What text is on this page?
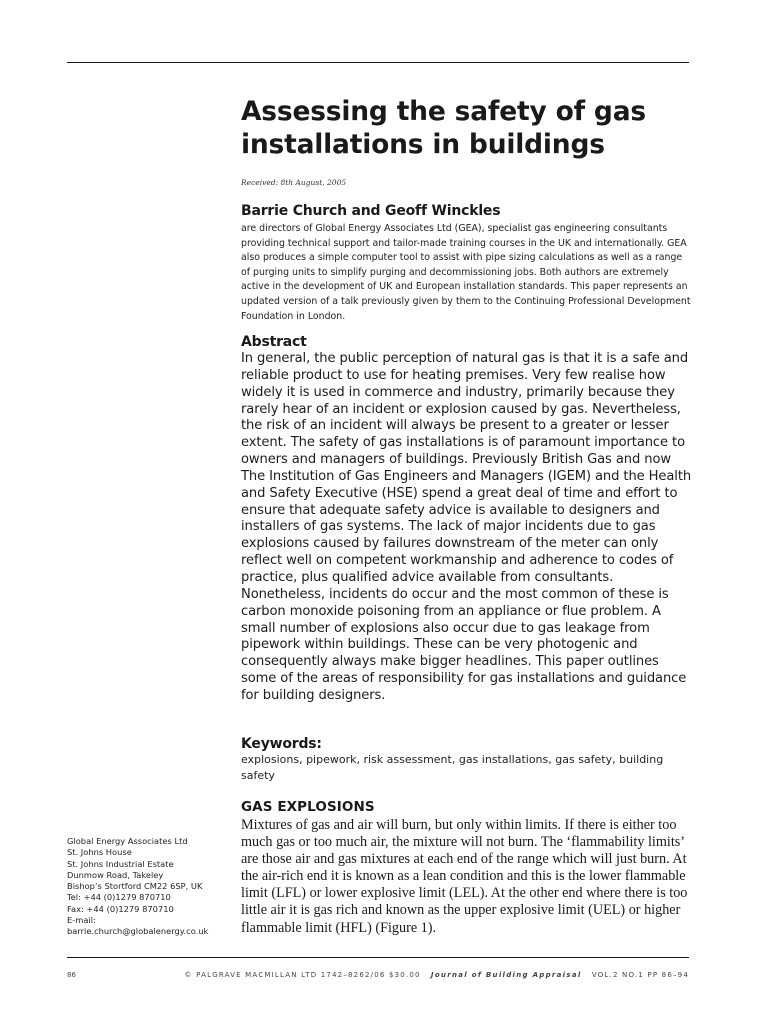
Assessing the safety of gas
installations in buildings
Received: 8th August, 2005
Barrie Church and Geoff Winckles
are directors of Global Energy Associates Ltd (GEA), specialist gas engineering consultants providing technical support and tailor-made training courses in the UK and internationally. GEA also produces a simple computer tool to assist with pipe sizing calculations as well as a range of purging units to simplify purging and decommissioning jobs. Both authors are extremely active in the development of UK and European installation standards. This paper represents an updated version of a talk previously given by them to the Continuing Professional Development Foundation in London.
Abstract
In general, the public perception of natural gas is that it is a safe and reliable product to use for heating premises. Very few realise how widely it is used in commerce and industry, primarily because they rarely hear of an incident or explosion caused by gas. Nevertheless, the risk of an incident will always be present to a greater or lesser extent. The safety of gas installations is of paramount importance to owners and managers of buildings. Previously British Gas and now The Institution of Gas Engineers and Managers (IGEM) and the Health and Safety Executive (HSE) spend a great deal of time and effort to ensure that adequate safety advice is available to designers and installers of gas systems. The lack of major incidents due to gas explosions caused by failures downstream of the meter can only reflect well on competent workmanship and adherence to codes of practice, plus qualified advice available from consultants. Nonetheless, incidents do occur and the most common of these is carbon monoxide poisoning from an appliance or flue problem. A small number of explosions also occur due to gas leakage from pipework within buildings. These can be very photogenic and consequently always make bigger headlines. This paper outlines some of the areas of responsibility for gas installations and guidance for building designers.
Keywords:
explosions, pipework, risk assessment, gas installations, gas safety, building safety
GAS EXPLOSIONS
Mixtures of gas and air will burn, but only within limits. If there is either too much gas or too much air, the mixture will not burn. The ‘flammability limits’ are those air and gas mixtures at each end of the range which will just burn. At the air-rich end it is known as a lean condition and this is the lower flammable limit (LFL) or lower explosive limit (LEL). At the other end where there is too little air it is gas rich and known as the upper explosive limit (UEL) or higher flammable limit (HFL) (Figure 1).
Global Energy Associates Ltd
St. Johns House
St. Johns Industrial Estate
Dunmow Road, Takeley
Bishop’s Stortford CM22 6SP, UK
Tel: +44 (0)1279 870710
Fax: +44 (0)1279 870710
E-mail:
barrie.church@globalenergy.co.uk
86	© PALGRAVE MACMILLAN LTD 1742–8262/06 $30.00 Journal of Building Appraisal VOL.2 NO.1 PP 86–94
